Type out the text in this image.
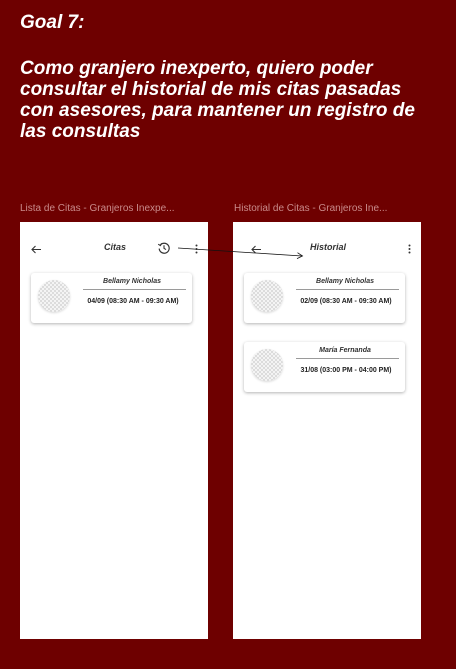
Goal 7:
Como granjero inexperto, quiero poder consultar el historial de mis citas pasadas con asesores, para mantener un registro de las consultas
Lista de Citas - Granjeros Inexpe...
Citas
Bellamy Nicholas
04/09 (08:30 AM - 09:30 AM)
Historial de Citas - Granjeros Ine...
Historial
Bellamy Nicholas
02/09 (08:30 AM - 09:30 AM)
María Fernanda
31/08 (03:00 PM - 04:00 PM)
